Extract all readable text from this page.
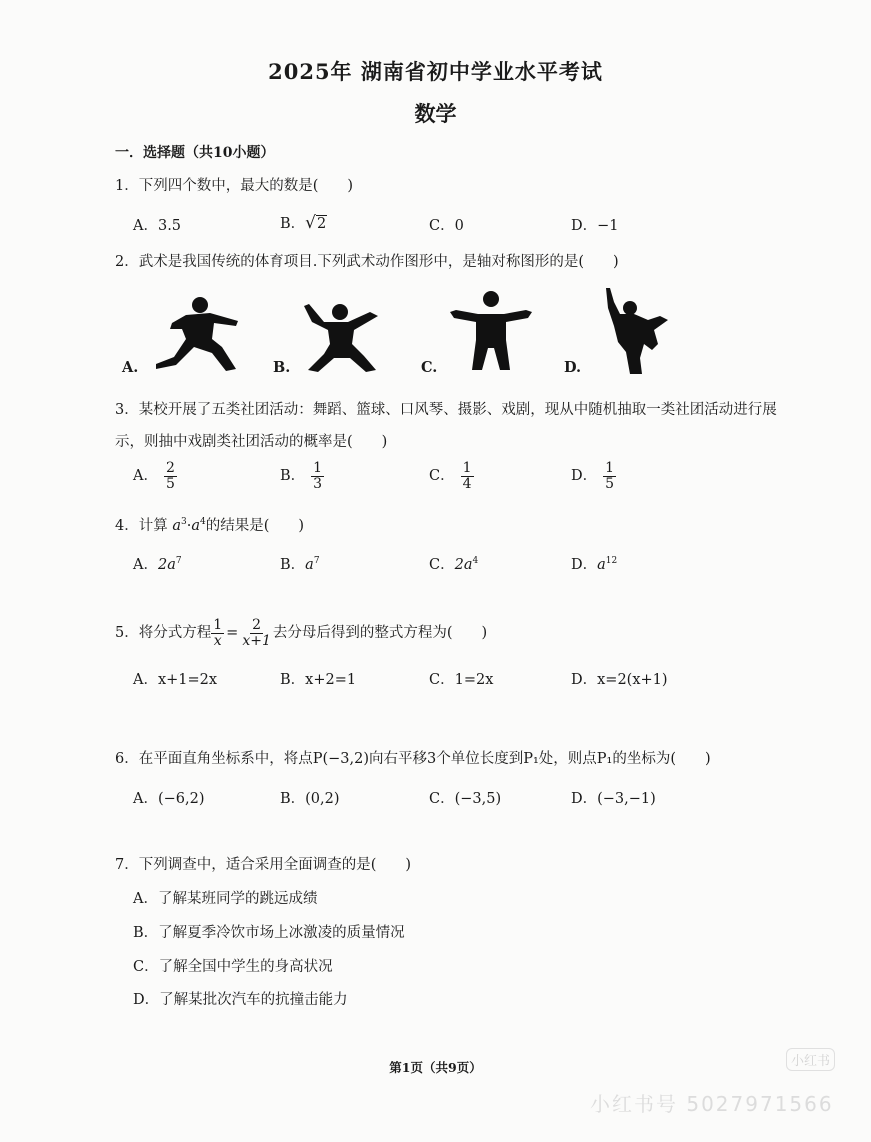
2025年 湖南省初中学业水平考试
数学
一．选择题（共10小题）
1．下列四个数中，最大的数是(　　)
A．3.5	B．√2	C．0	D．−1
2．武术是我国传统的体育项目.下列武术动作图形中，是轴对称图形的是(　　)
A.	B.	C.	D.
3．某校开展了五类社团活动：舞蹈、篮球、口风琴、摄影、戏剧，现从中随机抽取一类社团活动进行展
示，则抽中戏剧类社团活动的概率是(　　)
A． $\frac{2}{5}$	B． $\frac{1}{3}$	C． $\frac{1}{4}$	D． $\frac{1}{5}$
4．计算 $a^3\cdot a^4$的结果是(　　)
A．$2a^7$	B．$a^7$	C．$2a^4$	D．$a^{12}$
5．将分式方程 $\frac{1}{x} = \frac{2}{x+1}$ 去分母后得到的整式方程为(　　)
A．x+1=2x	B．x+2=1	C．1=2x	D．x=2(x+1)
6．在平面直角坐标系中，将点P(−3,2)向右平移3个单位长度到P₁处，则点P₁的坐标为(　　)
A．(−6,2)	B．(0,2)	C．(−3,5)	D．(−3,−1)
7．下列调查中，适合采用全面调查的是(　　)
A．了解某班同学的跳远成绩
B．了解夏季冷饮市场上冰激凌的质量情况
C．了解全国中学生的身高状况
D．了解某批次汽车的抗撞击能力
第1页（共9页）	小红书
小红书号 5027971566
